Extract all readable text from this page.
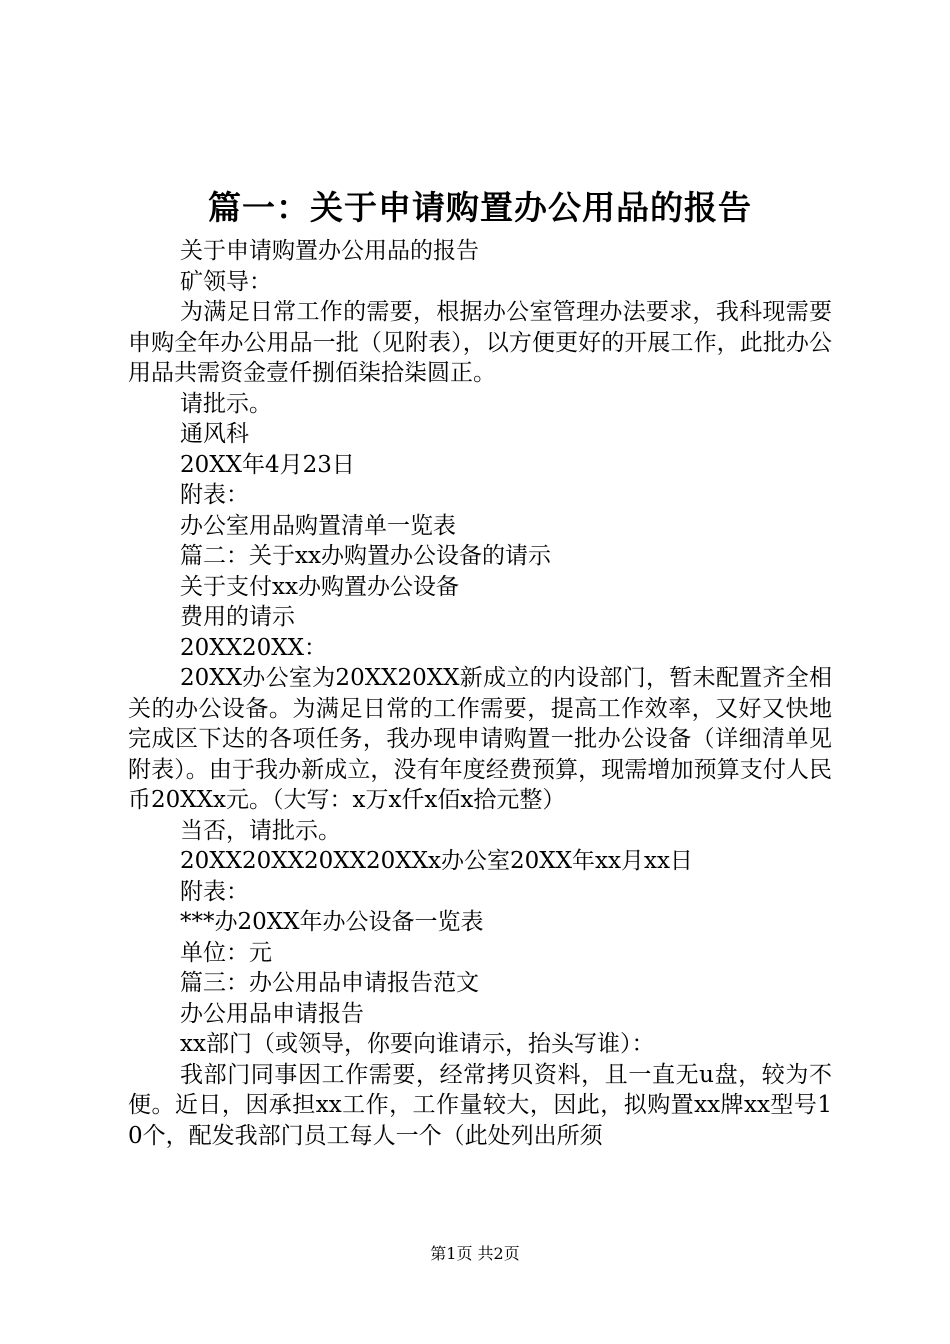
篇一：关于申请购置办公用品的报告

关于申请购置办公用品的报告

矿领导：

为满足日常工作的需要，根据办公室管理办法要求，我科现需要申购全年办公用品一批（见附表），以方便更好的开展工作，此批办公用品共需资金壹仟捌佰柒拾柒圆正。

请批示。

通风科

20XX年4月23日

附表：

办公室用品购置清单一览表

篇二：关于xx办购置办公设备的请示

关于支付xx办购置办公设备

费用的请示

20XX20XX：

20XX办公室为20XX20XX新成立的内设部门，暂未配置齐全相关的办公设备。为满足日常的工作需要，提高工作效率，又好又快地完成区下达的各项任务，我办现申请购置一批办公设备（详细清单见附表）。由于我办新成立，没有年度经费预算，现需增加预算支付人民币20XXx元。（大写：x万x仟x佰x拾元整）

当否，请批示。

20XX20XX20XX20XXx办公室20XX年xx月xx日

附表：

***办20XX年办公设备一览表

单位：元

篇三：办公用品申请报告范文

办公用品申请报告

xx部门（或领导，你要向谁请示，抬头写谁）：

我部门同事因工作需要，经常拷贝资料，且一直无u盘，较为不便。近日，因承担xx工作，工作量较大，因此，拟购置xx牌xx型号10个，配发我部门员工每人一个（此处列出所须

第1页 共2页
